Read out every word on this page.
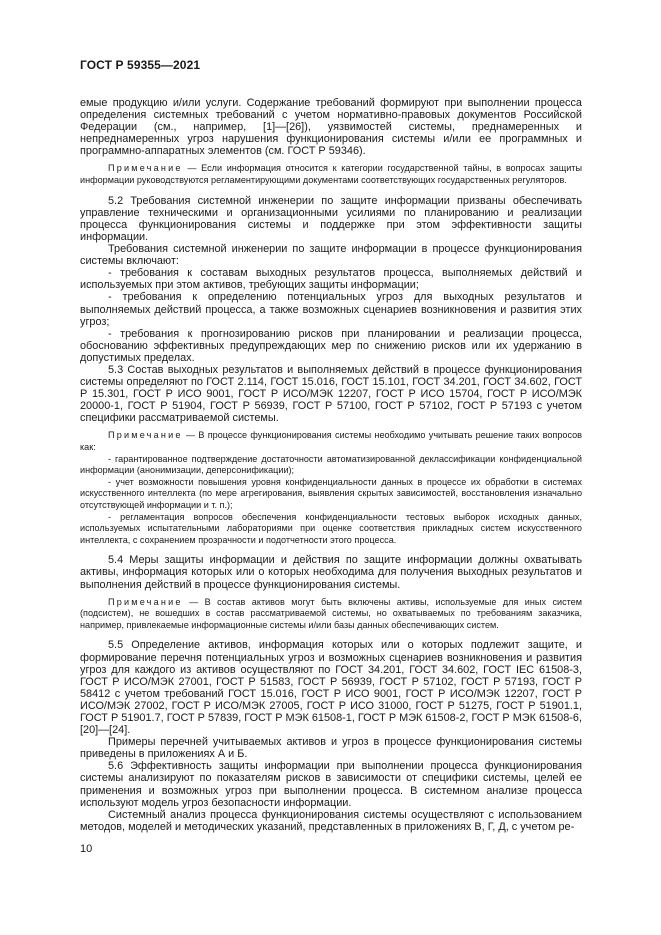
ГОСТ Р 59355—2021

емые продукцию и/или услуги. Содержание требований формируют при выполнении процесса определения системных требований с учетом нормативно-правовых документов Российской Федерации (см., например, [1]—[26]), уязвимостей системы, преднамеренных и непреднамеренных угроз нарушения функционирования системы и/или ее программных и программно-аппаратных элементов (см. ГОСТ Р 59346).

Примечание — Если информация относится к категории государственной тайны, в вопросах защиты информации руководствуются регламентирующими документами соответствующих государственных регуляторов.

5.2 Требования системной инженерии по защите информации призваны обеспечивать управление техническими и организационными усилиями по планированию и реализации процесса функционирования системы и поддержке при этом эффективности защиты информации.

Требования системной инженерии по защите информации в процессе функционирования системы включают:

- требования к составам выходных результатов процесса, выполняемых действий и используемых при этом активов, требующих защиты информации;

- требования к определению потенциальных угроз для выходных результатов и выполняемых действий процесса, а также возможных сценариев возникновения и развития этих угроз;

- требования к прогнозированию рисков при планировании и реализации процесса, обоснованию эффективных предупреждающих мер по снижению рисков или их удержанию в допустимых пределах.

5.3 Состав выходных результатов и выполняемых действий в процессе функционирования системы определяют по ГОСТ 2.114, ГОСТ 15.016, ГОСТ 15.101, ГОСТ 34.201, ГОСТ 34.602, ГОСТ Р 15.301, ГОСТ Р ИСО 9001, ГОСТ Р ИСО/МЭК 12207, ГОСТ Р ИСО 15704, ГОСТ Р ИСО/МЭК 20000-1, ГОСТ Р 51904, ГОСТ Р 56939, ГОСТ Р 57100, ГОСТ Р 57102, ГОСТ Р 57193 с учетом специфики рассматриваемой системы.

Примечание — В процессе функционирования системы необходимо учитывать решение таких вопросов как:

- гарантированное подтверждение достаточности автоматизированной деклассификации конфиденциальной информации (анонимизации, деперсонификации);

- учет возможности повышения уровня конфиденциальности данных в процессе их обработки в системах искусственного интеллекта (по мере агрегирования, выявления скрытых зависимостей, восстановления изначально отсутствующей информации и т. п.);

- регламентация вопросов обеспечения конфиденциальности тестовых выборок исходных данных, используемых испытательными лабораториями при оценке соответствия прикладных систем искусственного интеллекта, с сохранением прозрачности и подотчетности этого процесса.

5.4 Меры защиты информации и действия по защите информации должны охватывать активы, информация которых или о которых необходима для получения выходных результатов и выполнения действий в процессе функционирования системы.

Примечание — В состав активов могут быть включены активы, используемые для иных систем (подсистем), не вошедших в состав рассматриваемой системы, но охватываемых по требованиям заказчика, например, привлекаемые информационные системы и/или базы данных обеспечивающих систем.

5.5 Определение активов, информация которых или о которых подлежит защите, и формирование перечня потенциальных угроз и возможных сценариев возникновения и развития угроз для каждого из активов осуществляют по ГОСТ 34.201, ГОСТ 34.602, ГОСТ IEC 61508-3, ГОСТ Р ИСО/МЭК 27001, ГОСТ Р 51583, ГОСТ Р 56939, ГОСТ Р 57102, ГОСТ Р 57193, ГОСТ Р 58412 с учетом требований ГОСТ 15.016, ГОСТ Р ИСО 9001, ГОСТ Р ИСО/МЭК 12207, ГОСТ Р ИСО/МЭК 27002, ГОСТ Р ИСО/МЭК 27005, ГОСТ Р ИСО 31000, ГОСТ Р 51275, ГОСТ Р 51901.1, ГОСТ Р 51901.7, ГОСТ Р 57839, ГОСТ Р МЭК 61508-1, ГОСТ Р МЭК 61508-2, ГОСТ Р МЭК 61508-6, [20]—[24].

Примеры перечней учитываемых активов и угроз в процессе функционирования системы приведены в приложениях А и Б.

5.6 Эффективность защиты информации при выполнении процесса функционирования системы анализируют по показателям рисков в зависимости от специфики системы, целей ее применения и возможных угроз при выполнении процесса. В системном анализе процесса используют модель угроз безопасности информации.

Системный анализ процесса функционирования системы осуществляют с использованием методов, моделей и методических указаний, представленных в приложениях В, Г, Д, с учетом ре-

10
